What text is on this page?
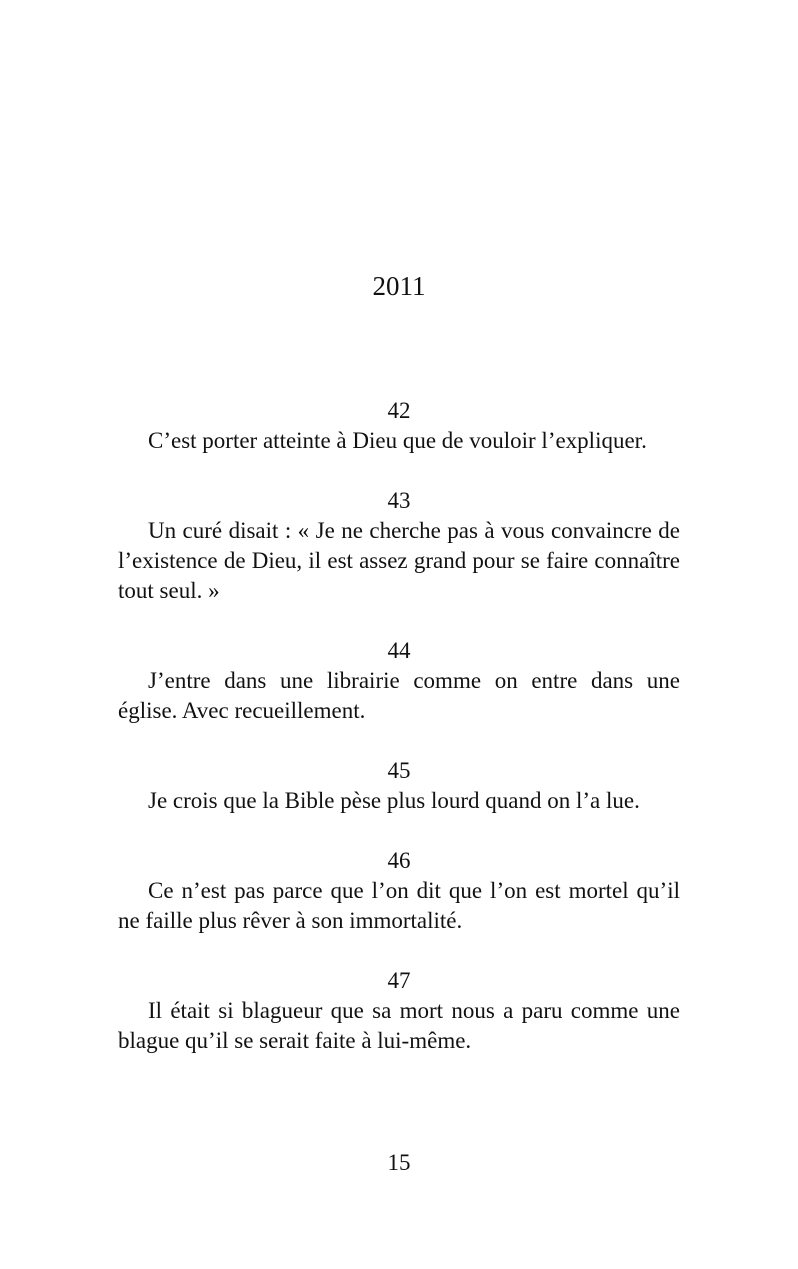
2011
42

C’est porter atteinte à Dieu que de vouloir l’expliquer.

43

Un curé disait : « Je ne cherche pas à vous convaincre de l’existence de Dieu, il est assez grand pour se faire connaître tout seul. »

44

J’entre dans une librairie comme on entre dans une église. Avec recueillement.

45

Je crois que la Bible pèse plus lourd quand on l’a lue.

46

Ce n’est pas parce que l’on dit que l’on est mortel qu’il ne faille plus rêver à son immortalité.

47

Il était si blagueur que sa mort nous a paru comme une blague qu’il se serait faite à lui-même.

15
